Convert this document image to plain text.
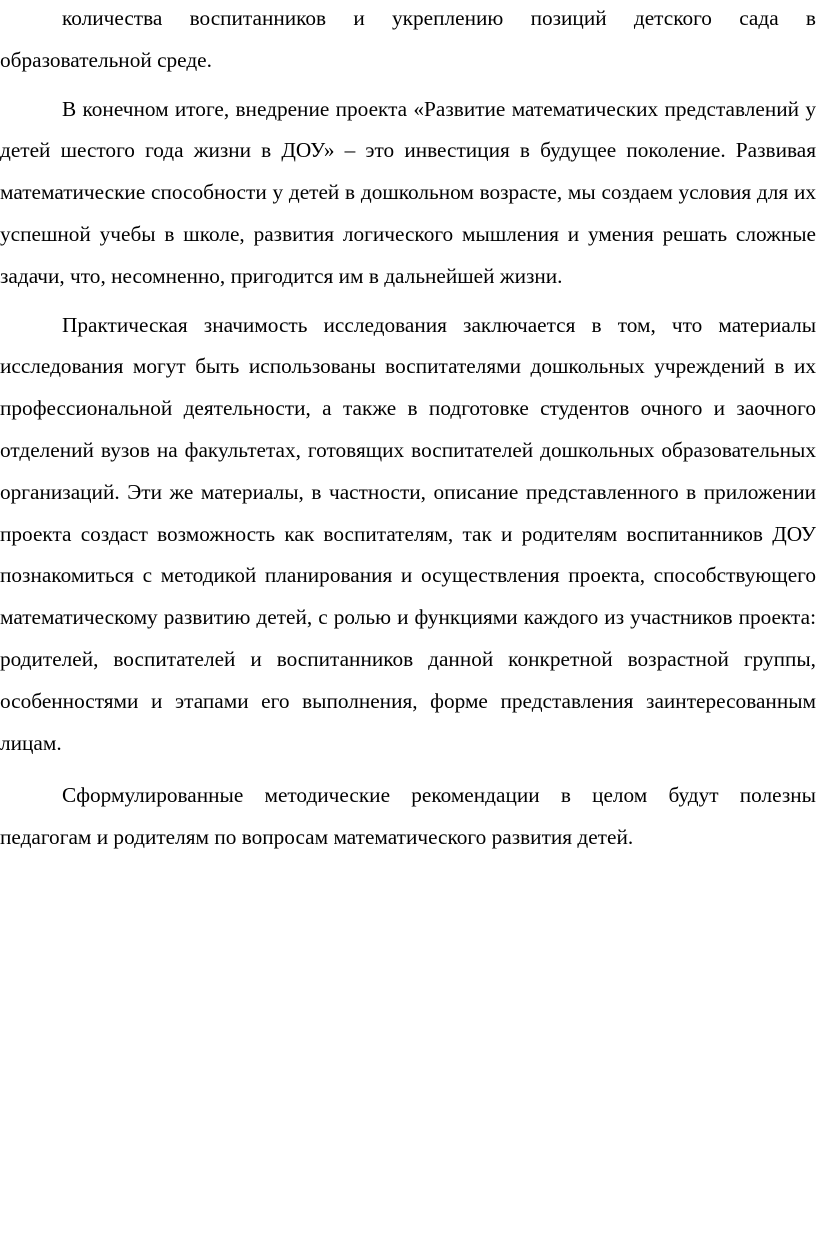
количества воспитанников и укреплению позиций детского сада в образовательной среде.

В конечном итоге, внедрение проекта «Развитие математических представлений у детей шестого года жизни в ДОУ» – это инвестиция в будущее поколение. Развивая математические способности у детей в дошкольном возрасте, мы создаем условия для их успешной учебы в школе, развития логического мышления и умения решать сложные задачи, что, несомненно, пригодится им в дальнейшей жизни.

Практическая значимость исследования заключается в том, что материалы исследования могут быть использованы воспитателями дошкольных учреждений в их профессиональной деятельности, а также в подготовке студентов очного и заочного отделений вузов на факультетах, готовящих воспитателей дошкольных образовательных организаций. Эти же материалы, в частности, описание представленного в приложении проекта создаст возможность как воспитателям, так и родителям воспитанников ДОУ познакомиться с методикой планирования и осуществления проекта, способствующего математическому развитию детей, с ролью и функциями каждого из участников проекта: родителей, воспитателей и воспитанников данной конкретной возрастной группы, особенностями и этапами его выполнения, форме представления заинтересованным лицам.

Сформулированные методические рекомендации в целом будут полезны педагогам и родителям по вопросам математического развития детей.
